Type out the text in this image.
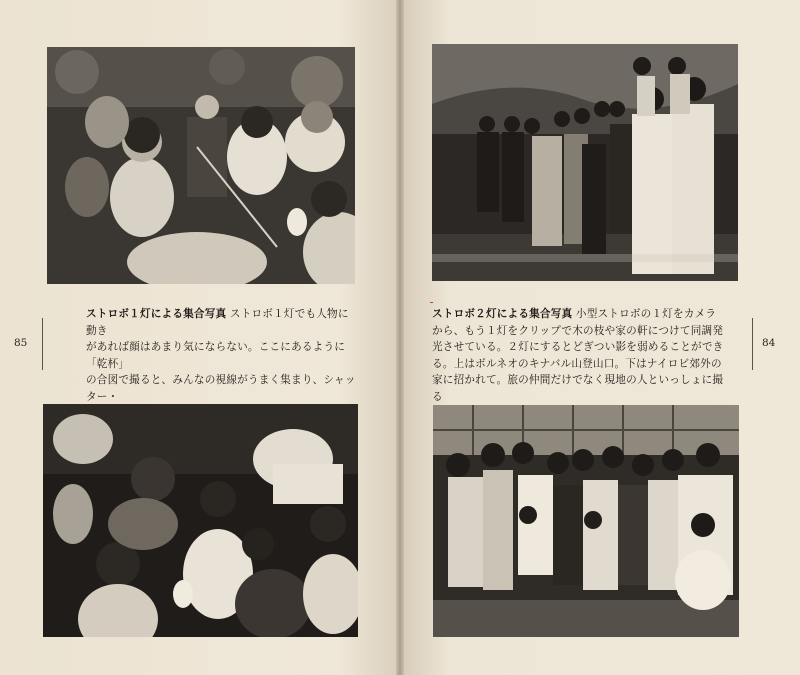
ストロボ１灯による集合写真 ストロボ１灯でも人物に動き

があれば顔はあまり気にならない。ここにあるように「乾杯」

の合図で撮ると、みんなの視線がうまく集まり、シャッター・

85

ストロボ２灯による集合写真 小型ストロボの１灯をカメラ

から、もう１灯をクリップで木の枝や家の軒につけて同調発

光させている。２灯にするとどぎつい影を弱めることができ

る。上はボルネオのキナバル山登山口。下はナイロビ郊外の

家に招かれて。旅の仲間だけでなく現地の人といっしょに撮る

84
